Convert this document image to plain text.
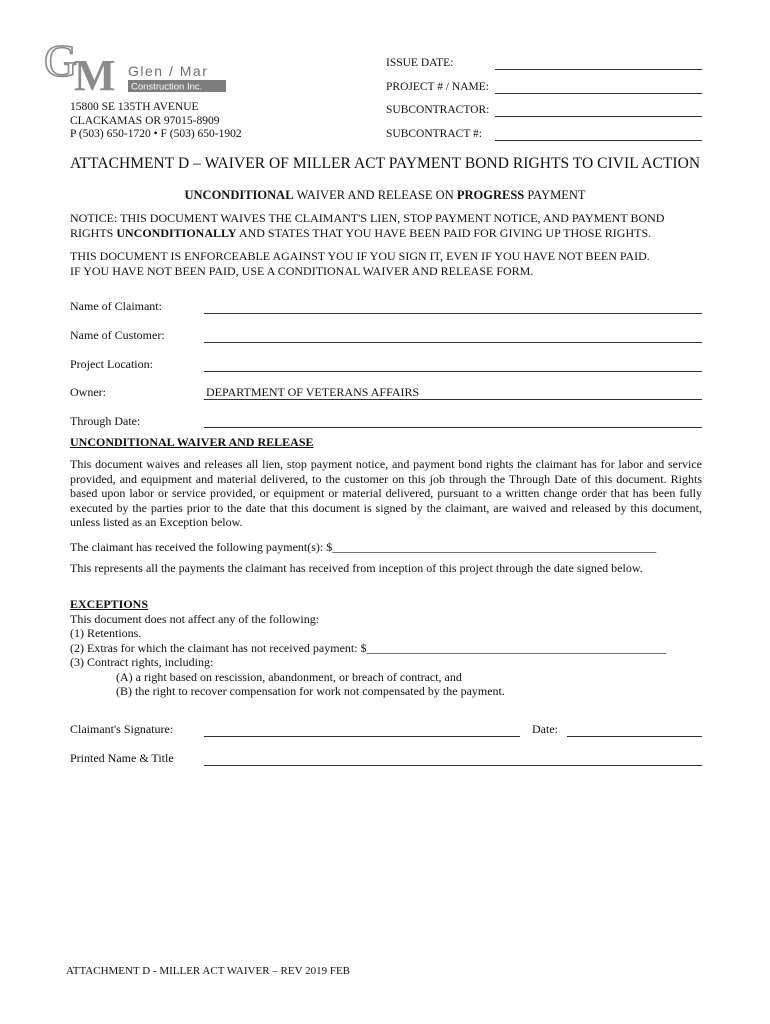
G
M Glen / Mar
Construction Inc.
15800 SE 135TH AVENUE
CLACKAMAS OR 97015-8909
P (503) 650-1720 • F (503) 650-1902
ISSUE DATE:
PROJECT # / NAME:
SUBCONTRACTOR:
SUBCONTRACT #:
ATTACHMENT D – WAIVER OF MILLER ACT PAYMENT BOND RIGHTS TO CIVIL ACTION
UNCONDITIONAL WAIVER AND RELEASE ON PROGRESS PAYMENT
NOTICE: THIS DOCUMENT WAIVES THE CLAIMANT'S LIEN, STOP PAYMENT NOTICE, AND PAYMENT BOND
RIGHTS UNCONDITIONALLY AND STATES THAT YOU HAVE BEEN PAID FOR GIVING UP THOSE RIGHTS.
THIS DOCUMENT IS ENFORCEABLE AGAINST YOU IF YOU SIGN IT, EVEN IF YOU HAVE NOT BEEN PAID.
IF YOU HAVE NOT BEEN PAID, USE A CONDITIONAL WAIVER AND RELEASE FORM.
Name of Claimant:
Name of Customer:
Project Location:
Owner:	DEPARTMENT OF VETERANS AFFAIRS
Through Date:
UNCONDITIONAL WAIVER AND RELEASE
This document waives and releases all lien, stop payment notice, and payment bond rights the claimant has for labor and service provided, and equipment and material delivered, to the customer on this job through the Through Date of this document. Rights based upon labor or service provided, or equipment or material delivered, pursuant to a written change order that has been fully executed by the parties prior to the date that this document is signed by the claimant, are waived and released by this document, unless listed as an Exception below.
The claimant has received the following payment(s): $______________________________________________________
This represents all the payments the claimant has received from inception of this project through the date signed below.
EXCEPTIONS
This document does not affect any of the following:
(1) Retentions.
(2) Extras for which the claimant has not received payment: $__________________________________________________
(3) Contract rights, including:
(A) a right based on rescission, abandonment, or breach of contract, and
(B) the right to recover compensation for work not compensated by the payment.
Claimant's Signature:	Date:
Printed Name & Title
ATTACHMENT D - MILLER ACT WAIVER – REV 2019 FEB
